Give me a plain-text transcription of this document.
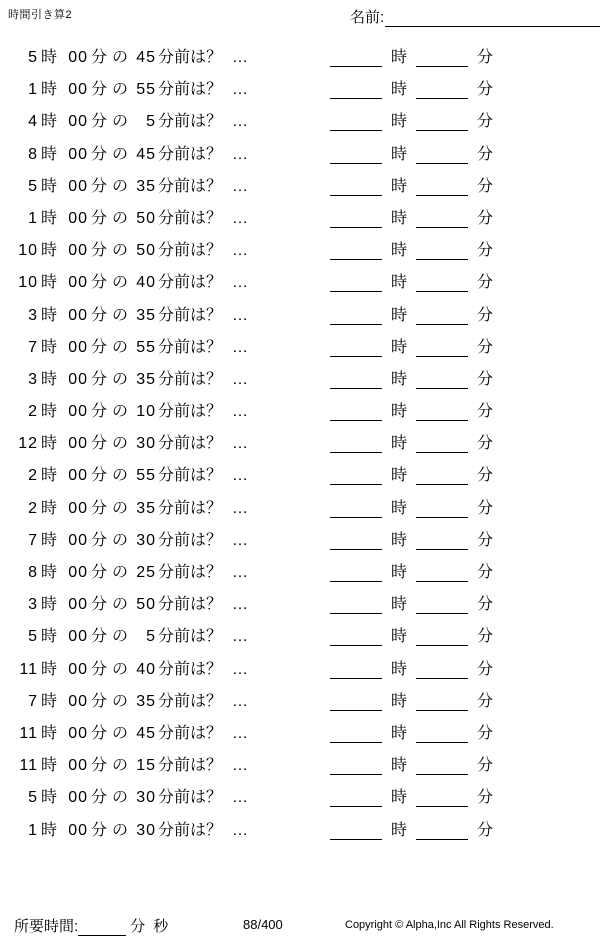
時間引き算2	名前:
5 時 00 分 の 45 分前は？ …	時	分
1 時 00 分 の 55 分前は？ …	時	分
4 時 00 分 の	5 分前は？ …	時	分
8 時 00 分 の 45 分前は？ …	時	分
5 時 00 分 の 35 分前は？ …	時	分
1 時 00 分 の 50 分前は？ …	時	分
10 時 00 分 の 50 分前は？ …	時	分
10 時 00 分 の 40 分前は？ …	時	分
3 時 00 分 の 35 分前は？ …	時	分
7 時 00 分 の 55 分前は？ …	時	分
3 時 00 分 の 35 分前は？ …	時	分
2 時 00 分 の 10 分前は？ …	時	分
12 時 00 分 の 30 分前は？ …	時	分
2 時 00 分 の 55 分前は？ …	時	分
2 時 00 分 の 35 分前は？ …	時	分
7 時 00 分 の 30 分前は？ …	時	分
8 時 00 分 の 25 分前は？ …	時	分
3 時 00 分 の 50 分前は？ …	時	分
5 時 00 分 の	5 分前は？ …	時	分
11 時 00 分 の 40 分前は？ …	時	分
7 時 00 分 の 35 分前は？ …	時	分
11 時 00 分 の 45 分前は？ …	時	分
11 時 00 分 の 15 分前は？ …	時	分
5 時 00 分 の 30 分前は？ …	時	分
1 時 00 分 の 30 分前は？ …	時	分
所要時間:	分 秒	88/400	Copyright © Alpha,Inc All Rights Reserved.
